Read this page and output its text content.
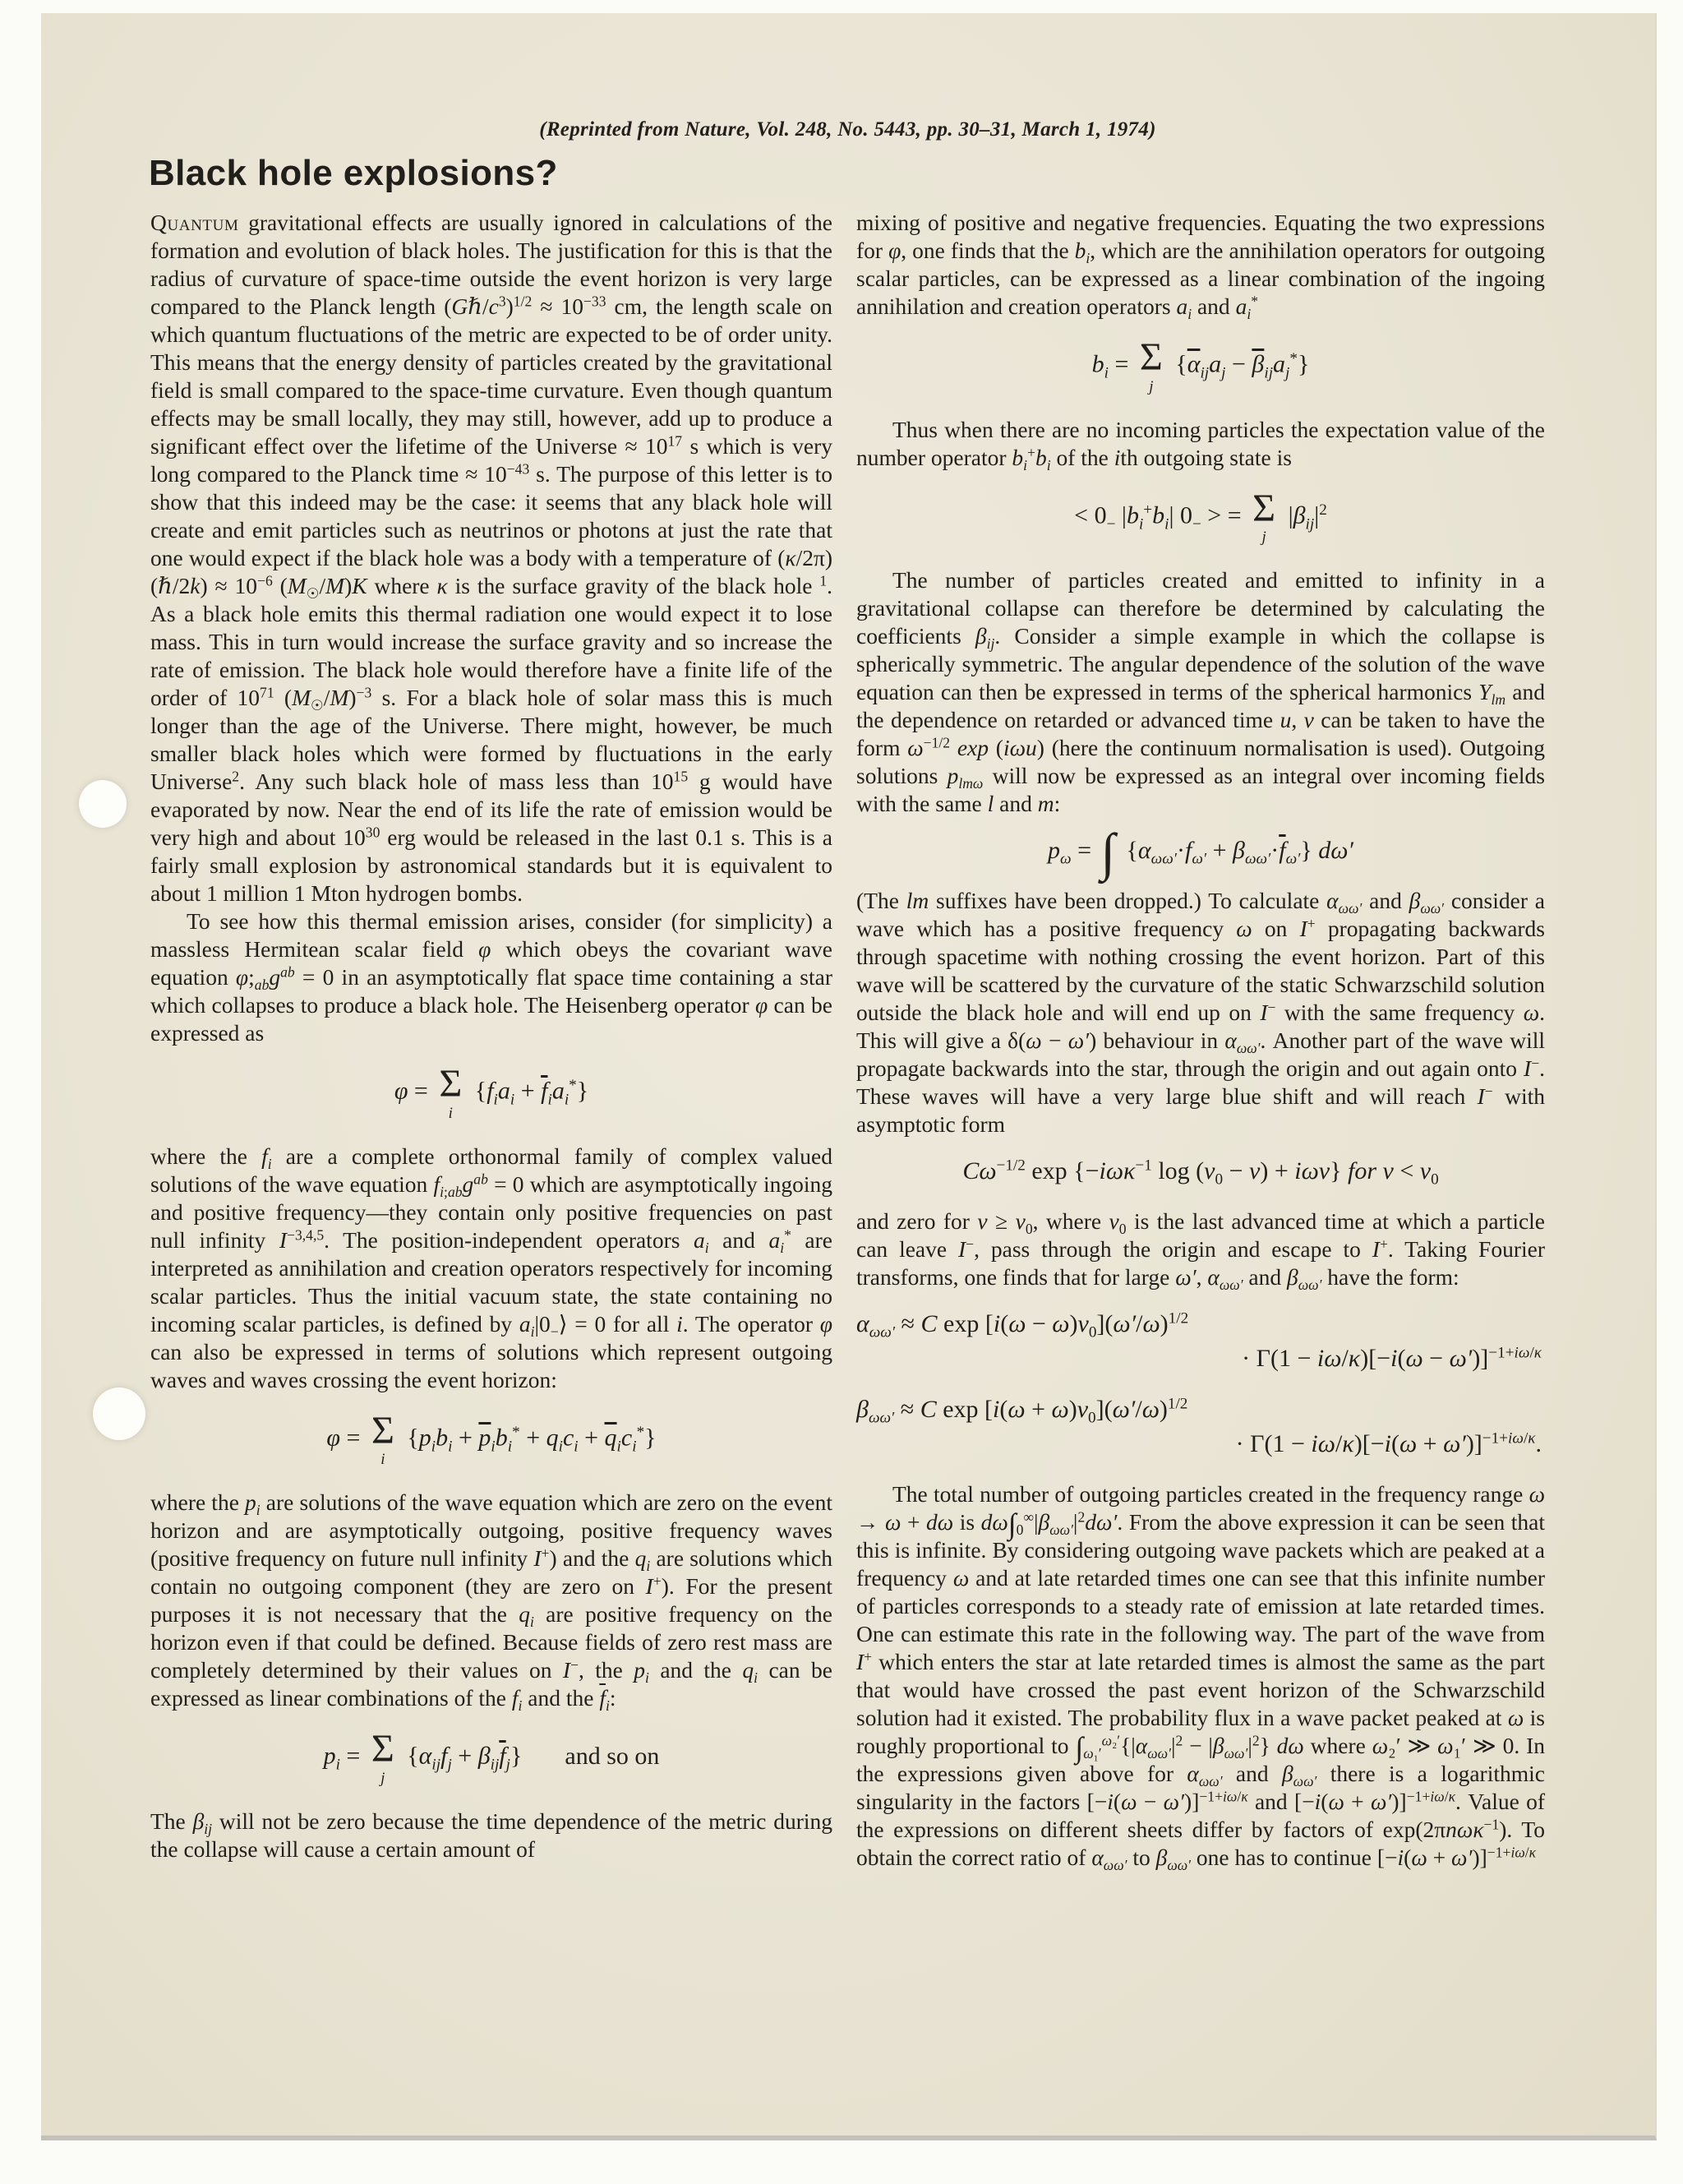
(Reprinted from Nature, Vol. 248, No. 5443, pp. 30–31, March 1, 1974)
Black hole explosions?

Quantum gravitational effects are usually ignored in calculations of the formation and evolution of black holes. The justification for this is that the radius of curvature of space-time outside the event horizon is very large compared to the Planck length $(G\hbar/c^3)^{1/2} \approx 10^{-33}$ cm, the length scale on which quantum fluctuations of the metric are expected to be of order unity. This means that the energy density of particles created by the gravitational field is small compared to the space-time curvature. Even though quantum effects may be small locally, they may still, however, add up to produce a significant effect over the lifetime of the Universe ≈ $10^{17}$ s which is very long compared to the Planck time ≈ $10^{-43}$ s. The purpose of this letter is to show that this indeed may be the case: it seems that any black hole will create and emit particles such as neutrinos or photons at just the rate that one would expect if the black hole was a body with a temperature of (κ/2π)(ℏ/2k) ≈ $10^{-6}$ $(M_☉/M)K$ where κ is the surface gravity of the black hole $^1$. As a black hole emits this thermal radiation one would expect it to lose mass. This in turn would increase the surface gravity and so increase the rate of emission. The black hole would therefore have a finite life of the order of $10^{71}$ $(M_☉/M)^{-3}$ s. For a black hole of solar mass this is much longer than the age of the Universe. There might, however, be much smaller black holes which were formed by fluctuations in the early Universe$^2$. Any such black hole of mass less than $10^{15}$ g would have evaporated by now. Near the end of its life the rate of emission would be very high and about $10^{30}$ erg would be released in the last 0.1 s. This is a fairly small explosion by astronomical standards but it is equivalent to about 1 million 1 Mton hydrogen bombs.

To see how this thermal emission arises, consider (for simplicity) a massless Hermitean scalar field φ which obeys the covariant wave equation $\varphi;_{ab}g^{ab} = 0$ in an asymptotically flat space time containing a star which collapses to produce a black hole. The Heisenberg operator φ can be expressed as

φ = Σ
i
$\{f_ia_i + \overline{f}_ia_i^*\}$

where the $f_i$ are a complete orthonormal family of complex valued solutions of the wave equation $f_{i;ab}g^{ab} = 0$ which are asymptotically ingoing and positive frequency—they contain only positive frequencies on past null infinity $I^{-3,4,5}$. The position-independent operators $a_i$ and $a_i^*$ are interpreted as annihilation and creation operators respectively for incoming scalar particles. Thus the initial vacuum state, the state containing no incoming scalar particles, is defined by $a_i|0_-⟩ = 0$ for all i. The operator φ can also be expressed in terms of solutions which represent outgoing waves and waves crossing the event horizon:

φ = Σ
i
$\{p_ib_i + \overline{p}_ib_i^* + q_ic_i + \overline{q}_ic_i^*\}$

where the $p_i$ are solutions of the wave equation which are zero on the event horizon and are asymptotically outgoing, positive frequency waves (positive frequency on future null infinity I+) and the $q_i$ are solutions which contain no outgoing component (they are zero on I+). For the present purposes it is not necessary that the $q_i$ are positive frequency on the horizon even if that could be defined. Because fields of zero rest mass are completely determined by their values on I−, the $p_i$ and the $q_i$ can be expressed as linear combinations of the $f_i$ and the $\overline{f}_i$:

$p_i = \Sigma$
j
$\{\alpha_{ij}f_j + \beta_{ij}\overline{f}_j\}$ and so on

The $\beta_{ij}$ will not be zero because the time dependence of the metric during the collapse will cause a certain amount of

mixing of positive and negative frequencies. Equating the two expressions for φ, one finds that the $b_i$, which are the annihilation operators for outgoing scalar particles, can be expressed as a linear combination of the ingoing annihilation and creation operators $a_i$ and $a_i^*$

$b_i = \Sigma$
j
$\{\overline{\alpha}_{ij}a_j - \overline{\beta}_{ij}a_j^*\}$

Thus when there are no incoming particles the expectation value of the number operator $b_i^+b_i$ of the ith outgoing state is

< $0_-$ $|b_i^+b_i|$ $0_-$ > = Σ
j
$|\beta_{ij}|^2$

The number of particles created and emitted to infinity in a gravitational collapse can therefore be determined by calculating the coefficients $\beta_{ij}$. Consider a simple example in which the collapse is spherically symmetric. The angular dependence of the solution of the wave equation can then be expressed in terms of the spherical harmonics $Y_{lm}$ and the dependence on retarded or advanced time u, v can be taken to have the form $\omega^{-1/2}$ exp (iωu) (here the continuum normalisation is used). Outgoing solutions $p_{lm\omega}$ will now be expressed as an integral over incoming fields with the same l and m:

$p_\omega$ = ∫ $\{\alpha_{\omega\omega'}\cdot f_{\omega'} + \beta_{\omega\omega'}\cdot\overline{f}_{\omega'}\}$ dω′

(The lm suffixes have been dropped.) To calculate $\alpha_{\omega\omega'}$ and $\beta_{\omega\omega'}$ consider a wave which has a positive frequency ω on I+ propagating backwards through spacetime with nothing crossing the event horizon. Part of this wave will be scattered by the curvature of the static Schwarzschild solution outside the black hole and will end up on I− with the same frequency ω. This will give a δ(ω − ω′) behaviour in $\alpha_{\omega\omega'}$. Another part of the wave will propagate backwards into the star, through the origin and out again onto I−. These waves will have a very large blue shift and will reach I− with asymptotic form

$C\omega^{-1/2}$ exp {−iωκ$^{-1}$ $\log (v_0 - v) + i\omega v$} for $v < v_0$

and zero for $v \ge v_0$, where $v_0$ is the last advanced time at which a particle can leave I−, pass through the origin and escape to I+. Taking Fourier transforms, one finds that for large ω′, $\alpha_{\omega\omega'}$ and $\beta_{\omega\omega'}$ have the form:

$\alpha_{\omega\omega'} \approx C$ $\exp [i(\omega - \omega)v_0](\omega'/\omega)^{1/2}$
· $\Gamma(1 - i\omega/\kappa)[-i(\omega - \omega')]^{-1+i\omega/\kappa}$
$\beta_{\omega\omega'} \approx C$ $\exp [i(\omega + \omega)v_0](\omega'/\omega)^{1/2}$
· $\Gamma(1 - i\omega/\kappa)[-i(\omega + \omega')]^{-1+i\omega/\kappa}$.

The total number of outgoing particles created in the frequency range ω → ω + dω is $d\omega\int_0^\infty|\beta_{\omega\omega'}|^2d\omega'$. From the above expression it can be seen that this is infinite. By considering outgoing wave packets which are peaked at a frequency ω and at late retarded times one can see that this infinite number of particles corresponds to a steady rate of emission at late retarded times. One can estimate this rate in the following way. The part of the wave from I+ which enters the star at late retarded times is almost the same as the part that would have crossed the past event horizon of the Schwarzschild solution had it existed. The probability flux in a wave packet peaked at ω is roughly proportional to $\int_{\omega_1'}^{\omega_2'}\{|\alpha_{\omega\omega'}|^2 - |\beta_{\omega\omega'}|^2\}$ dω where ω₂′ ≫ ω₁′ ≫ 0. In the expressions given above for $\alpha_{\omega\omega'}$ and $\beta_{\omega\omega'}$ there is a logarithmic singularity in the factors $[-i(\omega - \omega')]^{-1+i\omega/\kappa}$ and $[-i(\omega + \omega')]^{-1+i\omega/\kappa}$. Value of the expressions on different sheets differ by factors of exp(2πnωκ$^{-1}$). To obtain the correct ratio of $\alpha_{\omega\omega'}$ to $\beta_{\omega\omega'}$ one has to continue $[-i(\omega + \omega')]^{-1+i\omega/\kappa}$
